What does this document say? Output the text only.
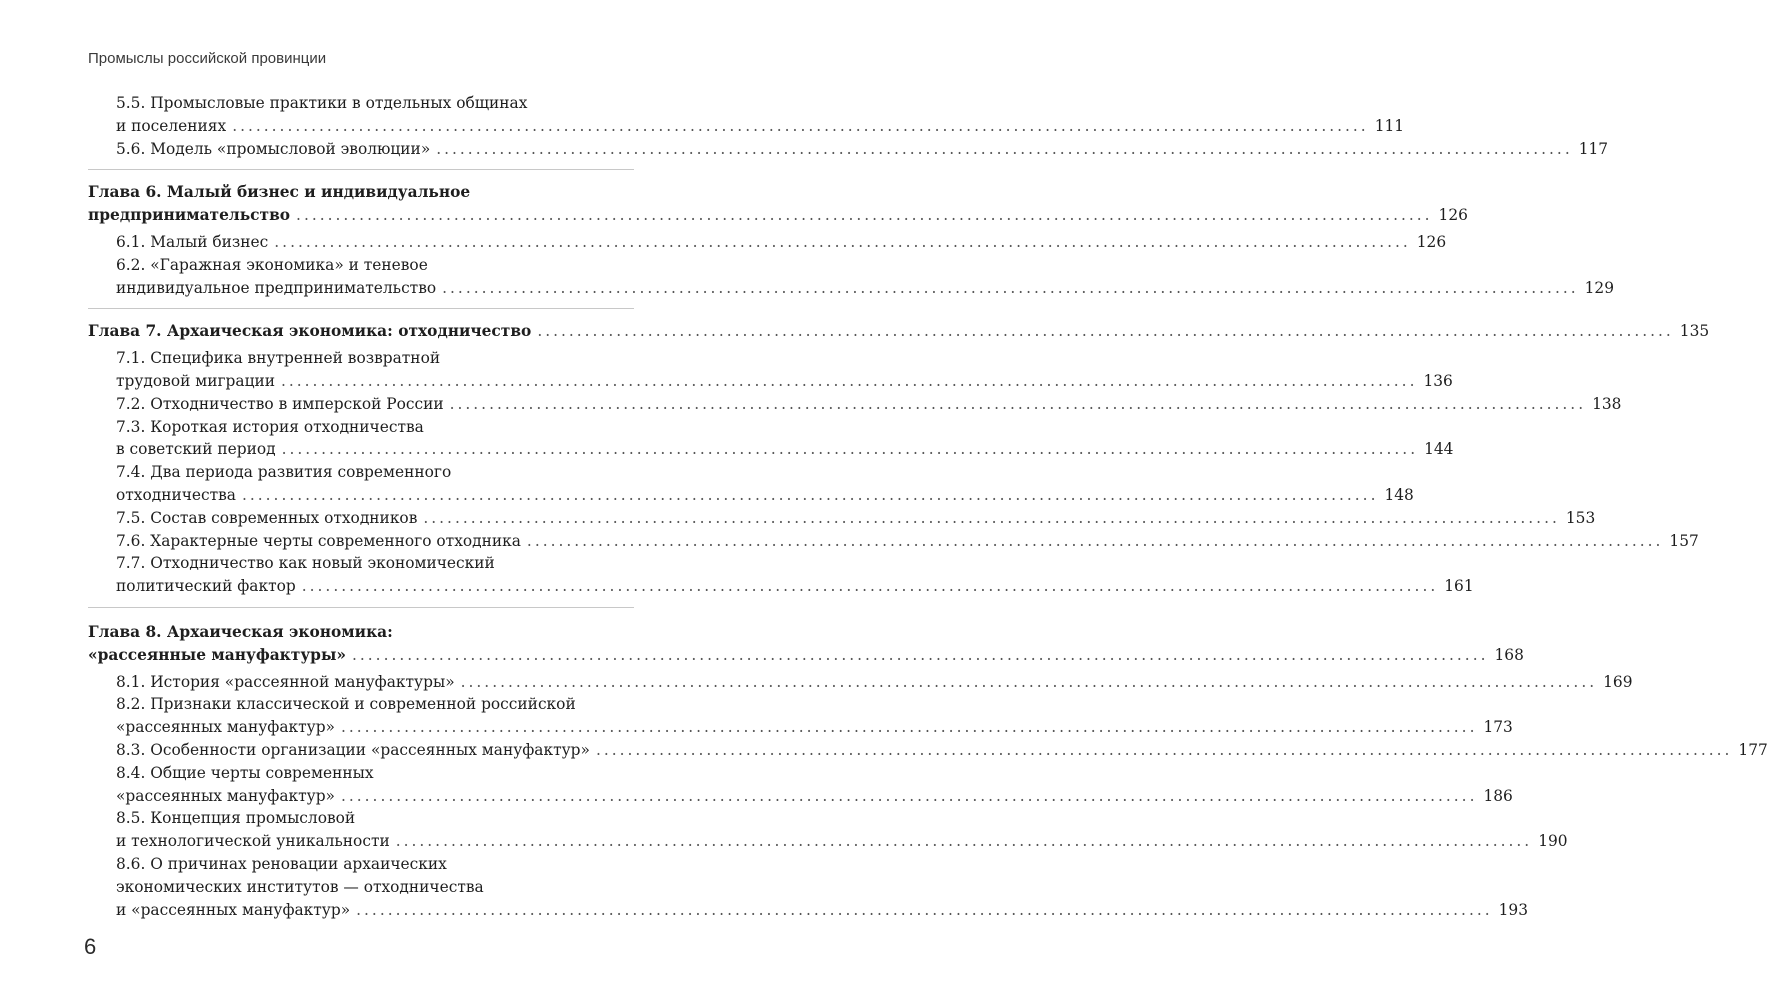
Промыслы российской провинции
5.5. Промысловые практики в отдельных общинах
и поселениях ................................................................................................................................................ 111
5.6. Модель «промысловой эволюции» ................................................................................................................................................ 117
Глава 6. Малый бизнес и индивидуальное
предпринимательство ................................................................................................................................................ 126
6.1. Малый бизнес ................................................................................................................................................ 126
6.2. «Гаражная экономика» и теневое
индивидуальное предпринимательство ................................................................................................................................................ 129
Глава 7. Архаическая экономика: отходничество ................................................................................................................................................ 135
7.1. Специфика внутренней возвратной
трудовой миграции ................................................................................................................................................ 136
7.2. Отходничество в имперской России ................................................................................................................................................ 138
7.3. Короткая история отходничества
в советский период ................................................................................................................................................ 144
7.4. Два периода развития современного
отходничества ................................................................................................................................................ 148
7.5. Состав современных отходников ................................................................................................................................................ 153
7.6. Характерные черты современного отходника ................................................................................................................................................ 157
7.7. Отходничество как новый экономический
политический фактор ................................................................................................................................................ 161
Глава 8. Архаическая экономика:
«рассеянные мануфактуры» ................................................................................................................................................ 168
8.1. История «рассеянной мануфактуры» ................................................................................................................................................ 169
8.2. Признаки классической и современной российской
«рассеянных мануфактур» ................................................................................................................................................ 173
8.3. Особенности организации «рассеянных мануфактур» ................................................................................................................................................ 177
8.4. Общие черты современных
«рассеянных мануфактур» ................................................................................................................................................ 186
8.5. Концепция промысловой
и технологической уникальности ................................................................................................................................................ 190
8.6. О причинах реновации архаических
экономических институтов — отходничества
и «рассеянных мануфактур» ................................................................................................................................................ 193
6
